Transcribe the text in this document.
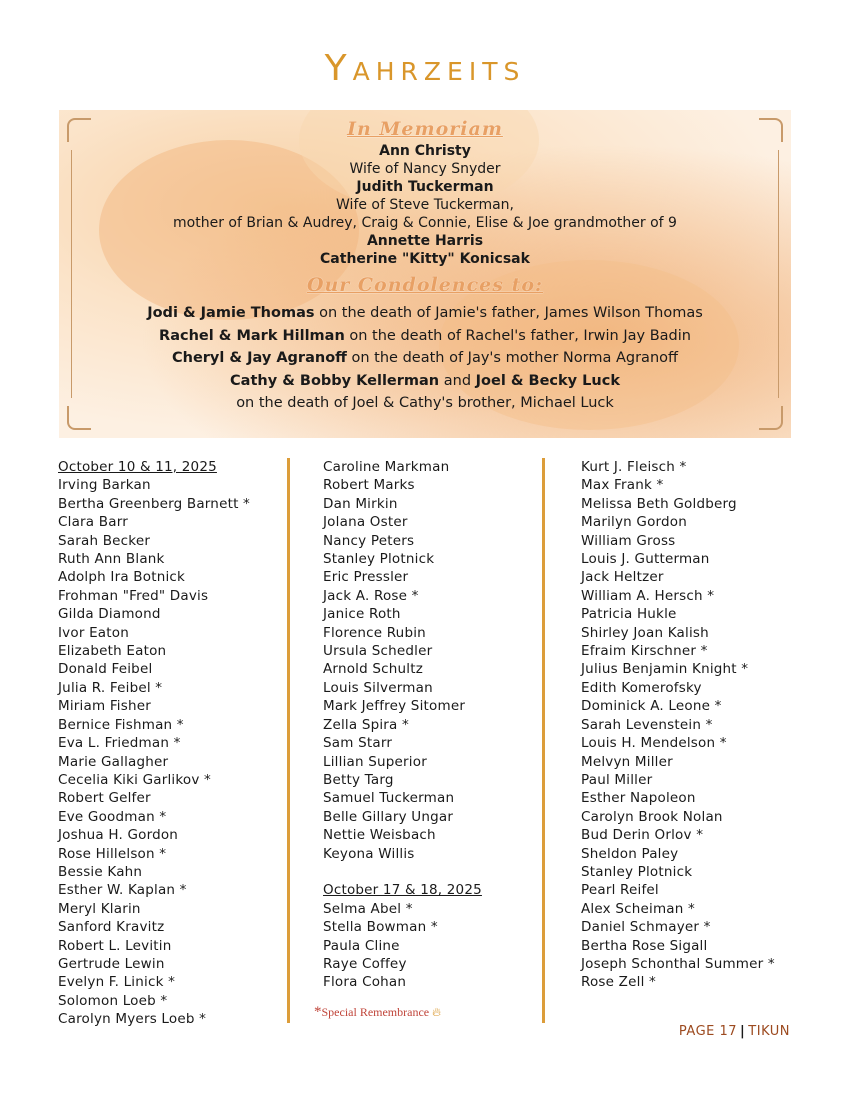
Yahrzeits
In Memoriam
Ann Christy
Wife of Nancy Snyder
Judith Tuckerman
Wife of Steve Tuckerman,
mother of Brian & Audrey, Craig & Connie, Elise & Joe grandmother of 9
Annette Harris
Catherine "Kitty" Konicsak
Our Condolences to:
Jodi & Jamie Thomas on the death of Jamie's father, James Wilson Thomas
Rachel & Mark Hillman on the death of Rachel's father, Irwin Jay Badin
Cheryl & Jay Agranoff on the death of Jay's mother Norma Agranoff
Cathy & Bobby Kellerman and Joel & Becky Luck
on the death of Joel & Cathy's brother, Michael Luck
October 10 & 11, 2025
Irving Barkan
Bertha Greenberg Barnett *
Clara Barr
Sarah Becker
Ruth Ann Blank
Adolph Ira Botnick
Frohman "Fred" Davis
Gilda Diamond
Ivor Eaton
Elizabeth Eaton
Donald Feibel
Julia R. Feibel *
Miriam Fisher
Bernice Fishman *
Eva L. Friedman *
Marie Gallagher
Cecelia Kiki Garlikov *
Robert Gelfer
Eve Goodman *
Joshua H. Gordon
Rose Hillelson *
Bessie Kahn
Esther W. Kaplan *
Meryl Klarin
Sanford Kravitz
Robert L. Levitin
Gertrude Lewin
Evelyn F. Linick *
Solomon Loeb *
Carolyn Myers Loeb *
Caroline Markman
Robert Marks
Dan Mirkin
Jolana Oster
Nancy Peters
Stanley Plotnick
Eric Pressler
Jack A. Rose *
Janice Roth
Florence Rubin
Ursula Schedler
Arnold Schultz
Louis Silverman
Mark Jeffrey Sitomer
Zella Spira *
Sam Starr
Lillian Superior
Betty Targ
Samuel Tuckerman
Belle Gillary Ungar
Nettie Weisbach
Keyona Willis
October 17 & 18, 2025
Selma Abel *
Stella Bowman *
Paula Cline
Raye Coffey
Flora Cohan
Kurt J. Fleisch *
Max Frank *
Melissa Beth Goldberg
Marilyn Gordon
William Gross
Louis J. Gutterman
Jack Heltzer
William A. Hersch *
Patricia Hukle
Shirley Joan Kalish
Efraim Kirschner *
Julius Benjamin Knight *
Edith Komerofsky
Dominick A. Leone *
Sarah Levenstein *
Louis H. Mendelson *
Melvyn Miller
Paul Miller
Esther Napoleon
Carolyn Brook Nolan
Bud Derin Orlov *
Sheldon Paley
Stanley Plotnick
Pearl Reifel
Alex Scheiman *
Daniel Schmayer *
Bertha Rose Sigall
Joseph Schonthal Summer *
Rose Zell *
*Special Remembrance 🔥︎
PAGE 17 | TIKUN
